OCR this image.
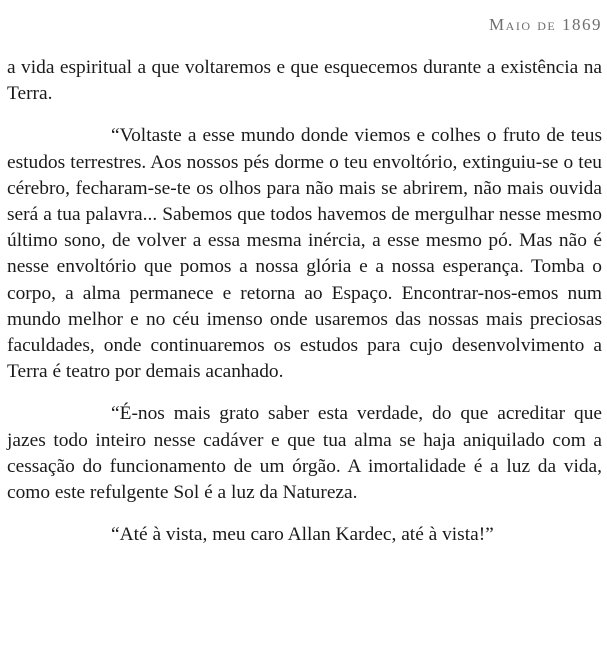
Maio de 1869

a vida espiritual a que voltaremos e que esquecemos durante a existência na Terra.

“Voltaste a esse mundo donde viemos e colhes o fruto de teus estudos terrestres. Aos nossos pés dorme o teu envoltório, extinguiu-se o teu cérebro, fecharam-se-te os olhos para não mais se abrirem, não mais ouvida será a tua palavra... Sabemos que todos havemos de mergulhar nesse mesmo último sono, de volver a essa mesma inércia, a esse mesmo pó. Mas não é nesse envoltório que pomos a nossa glória e a nossa esperança. Tomba o corpo, a alma permanece e retorna ao Espaço. Encontrar-nos-emos num mundo melhor e no céu imenso onde usaremos das nossas mais preciosas faculdades, onde continuaremos os estudos para cujo desenvolvimento a Terra é teatro por demais acanhado.

“É-nos mais grato saber esta verdade, do que acreditar que jazes todo inteiro nesse cadáver e que tua alma se haja aniquilado com a cessação do funcionamento de um órgão. A imortalidade é a luz da vida, como este refulgente Sol é a luz da Natureza.

“Até à vista, meu caro Allan Kardec, até à vista!”
